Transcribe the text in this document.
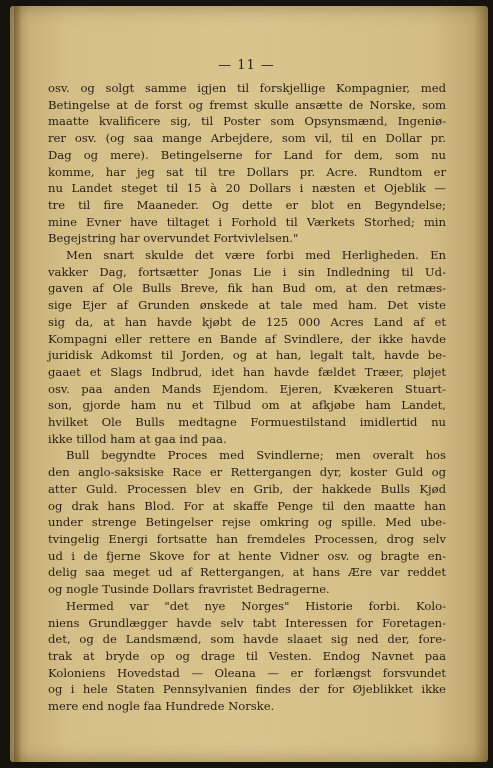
— 11 —
osv. og solgt samme igjen til forskjellige Kompagnier, med
Betingelse at de forst og fremst skulle ansætte de Norske, som
maatte kvalificere sig, til Poster som Opsynsmænd, Ingeniø-
rer osv. (og saa mange Arbejdere, som vil, til en Dollar pr.
Dag og mere). Betingelserne for Land for dem, som nu
komme, har jeg sat til tre Dollars pr. Acre. Rundtom er
nu Landet steget til 15 à 20 Dollars i næsten et Ojeblik —
tre til fire Maaneder. Og dette er blot en Begyndelse;
mine Evner have tiltaget i Forhold til Værkets Storhed; min
Begejstring har overvundet Fortvivlelsen."
Men snart skulde det være forbi med Herligheden. En
vakker Dag, fortsætter Jonas Lie i sin Indledning til Ud-
gaven af Ole Bulls Breve, fik han Bud om, at den retmæs-
sige Ejer af Grunden ønskede at tale med ham. Det viste
sig da, at han havde kjøbt de 125 000 Acres Land af et
Kompagni eller rettere en Bande af Svindlere, der ikke havde
juridisk Adkomst til Jorden, og at han, legalt talt, havde be-
gaaet et Slags Indbrud, idet han havde fældet Træer, pløjet
osv. paa anden Mands Ejendom. Ejeren, Kvækeren Stuart-
son, gjorde ham nu et Tilbud om at afkjøbe ham Landet,
hvilket Ole Bulls medtagne Formuestilstand imidlertid nu
ikke tillod ham at gaa ind paa.
Bull begyndte Proces med Svindlerne; men overalt hos
den anglo-saksiske Race er Rettergangen dyr, koster Guld og
atter Guld. Processen blev en Grib, der hakkede Bulls Kjød
og drak hans Blod. For at skaffe Penge til den maatte han
under strenge Betingelser rejse omkring og spille. Med ube-
tvingelig Energi fortsatte han fremdeles Processen, drog selv
ud i de fjerne Skove for at hente Vidner osv. og bragte en-
delig saa meget ud af Rettergangen, at hans Ære var reddet
og nogle Tusinde Dollars fravristet Bedragerne.
Hermed var "det nye Norges" Historie forbi. Kolo-
niens Grundlægger havde selv tabt Interessen for Foretagen-
det, og de Landsmænd, som havde slaaet sig ned der, fore-
trak at bryde op og drage til Vesten. Endog Navnet paa
Koloniens Hovedstad — Oleana — er forlængst forsvundet
og i hele Staten Pennsylvanien findes der for Øjeblikket ikke
mere end nogle faa Hundrede Norske.
